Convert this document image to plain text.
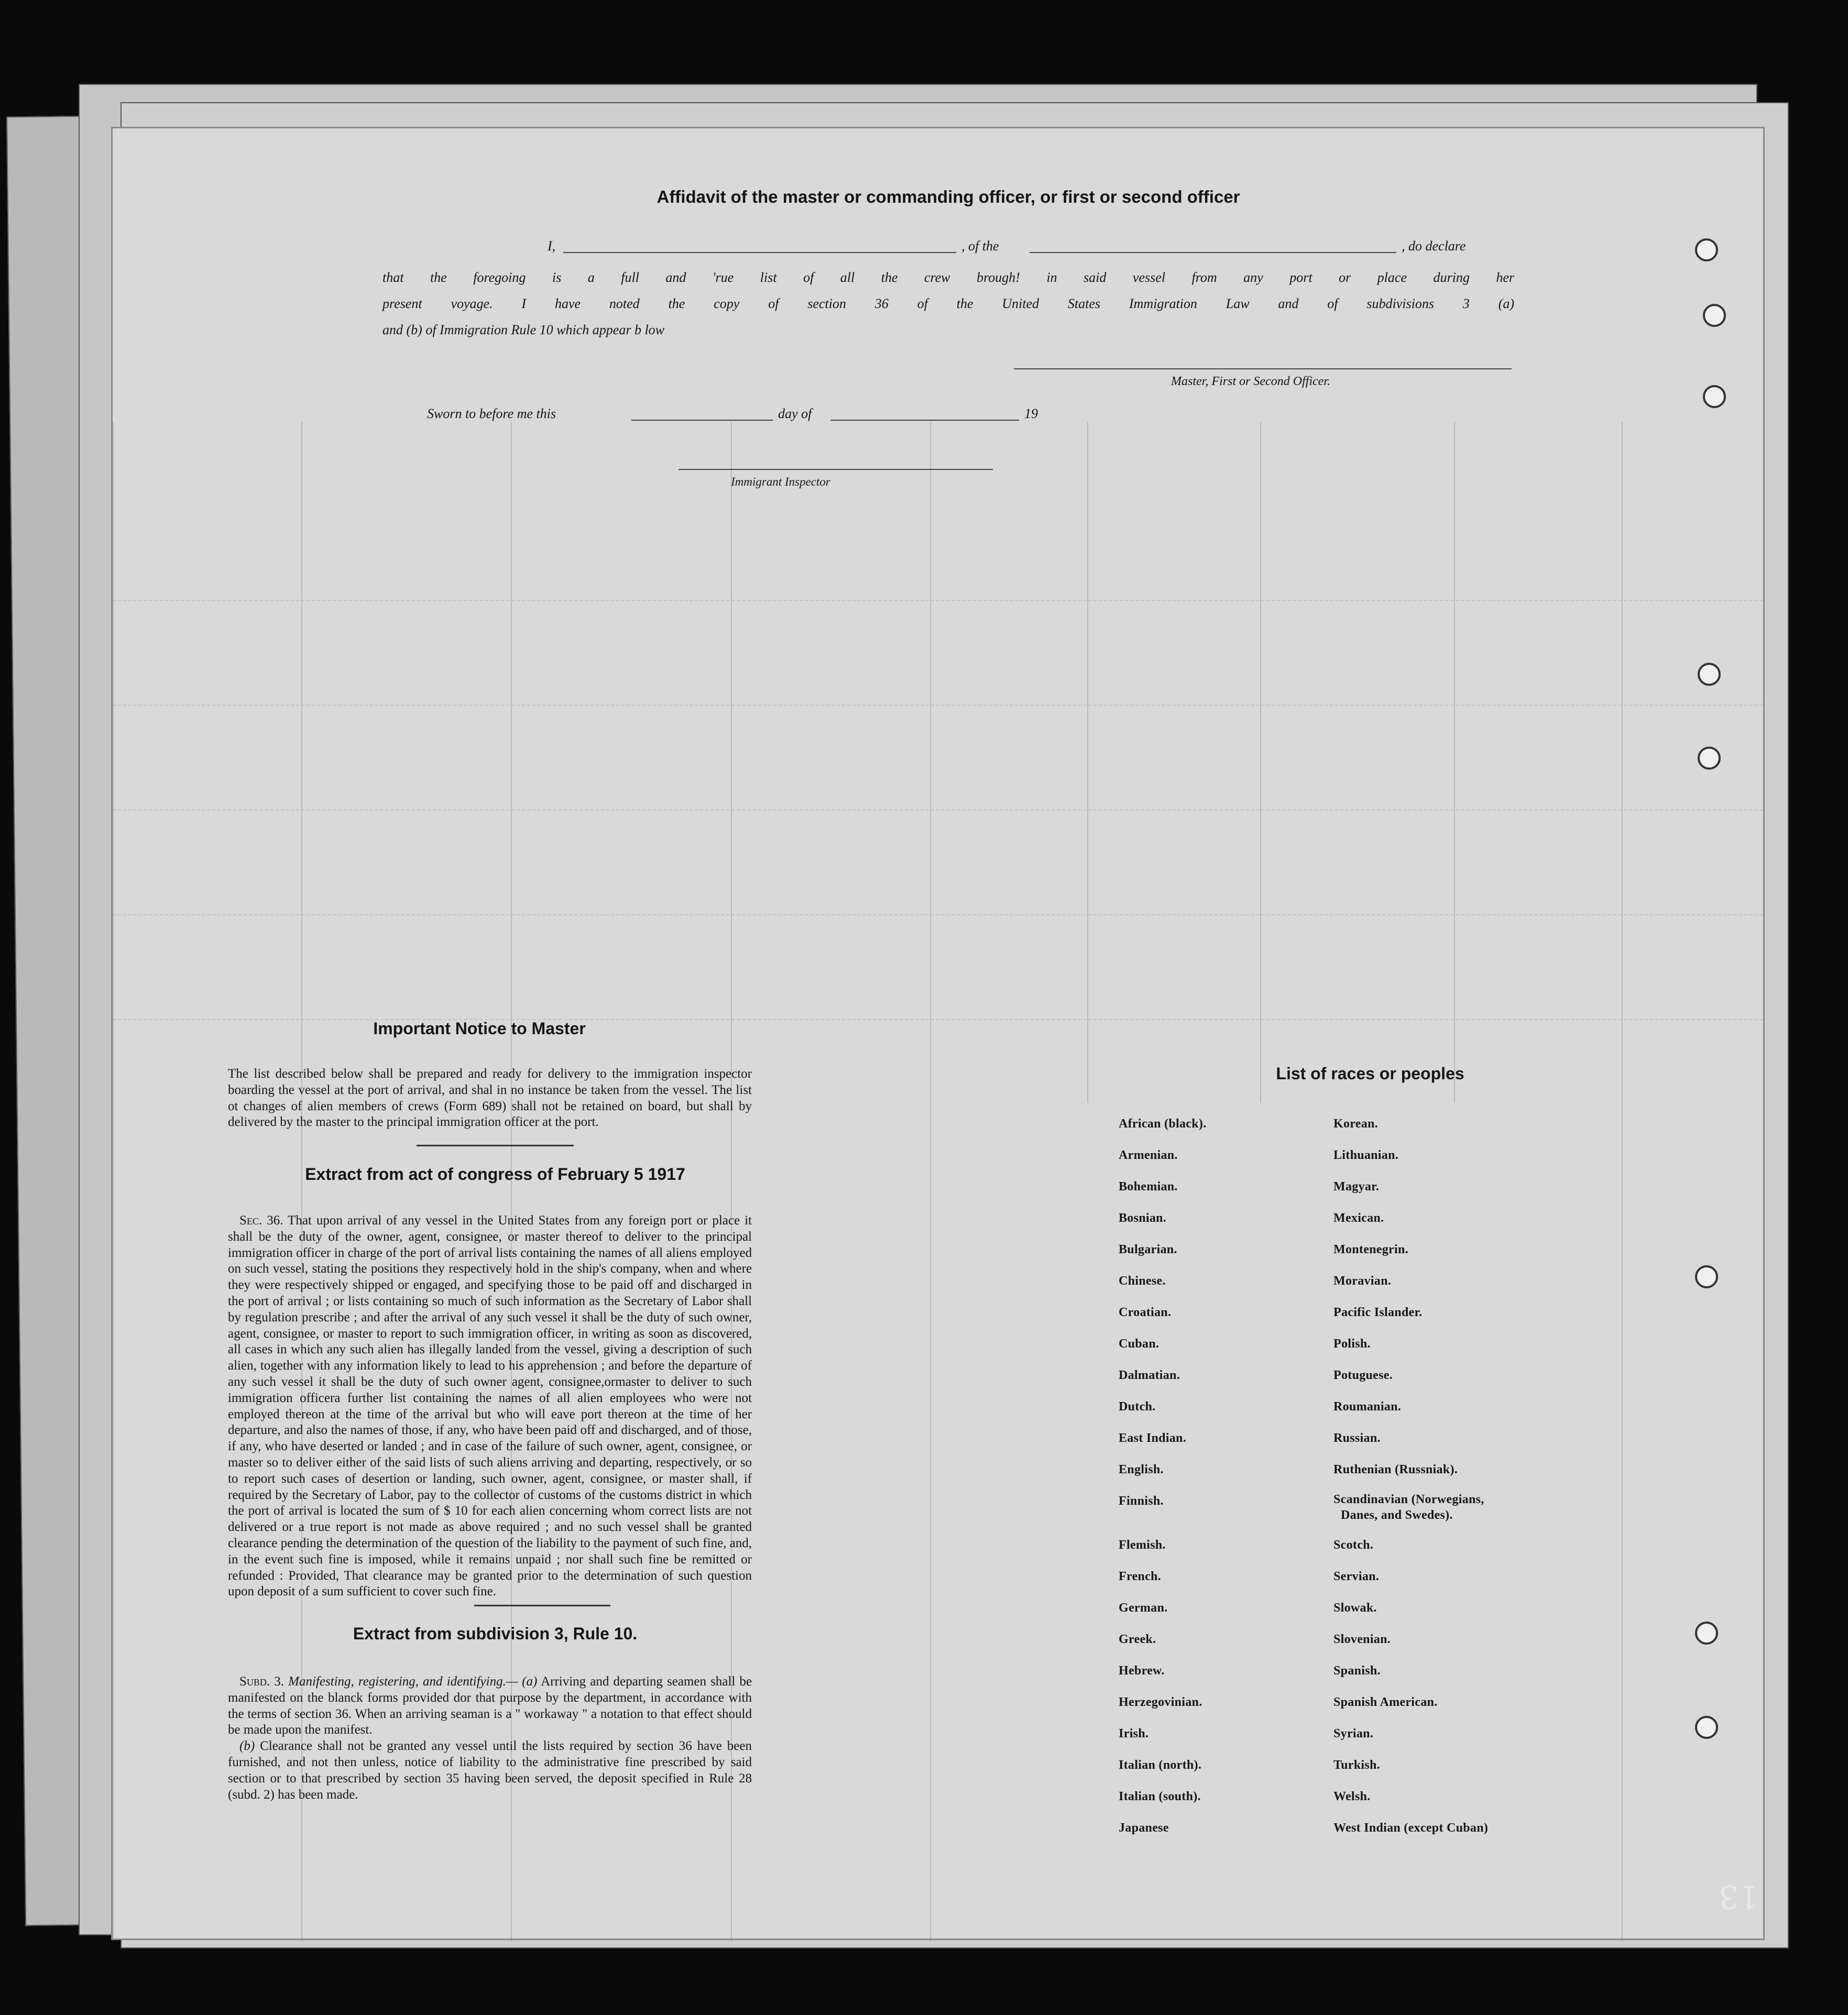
Affidavit of the master or commanding officer, or first or second officer
I,	, of the	, do declare
that the foregoing is a full and 'rue list of all the crew brough! in said vessel from any port or place during her
present voyage. I have noted the copy of section 36 of the United States Immigration Law and of subdivisions 3 (a)
and (b) of Immigration Rule 10 which appear b low
Master, First or Second Officer.
Sworn to before me this	day of	19
Immigrant Inspector
Important Notice to Master
The list described below shall be prepared and ready for delivery to the immigration inspector boarding the vessel at the port of arrival, and shal in no instance be taken from the vessel. The list ot changes of alien members of crews (Form 689) shall not be retained on board, but shall by delivered by the master to the principal immigration officer at the port.
Extract from act of congress of February 5 1917

Sec. 36. That upon arrival of any vessel in the United States from any foreign port or place it shall be the duty of the owner, agent, consignee, or master thereof to deliver to the principal immigration officer in charge of the port of arrival lists containing the names of all aliens employed on such vessel, stating the positions they respectively hold in the ship's company, when and where they were respectively shipped or engaged, and specifying those to be paid off and discharged in the port of arrival ; or lists containing so much of such information as the Secretary of Labor shall by regulation prescribe ; and after the arrival of any such vessel it shall be the duty of such owner, agent, consignee, or master to report to such immigration officer, in writing as soon as discovered, all cases in which any such alien has illegally landed from the vessel, giving a description of such alien, together with any information likely to lead to his apprehension ; and before the departure of any such vessel it shall be the duty of such owner agent, consignee,ormaster to deliver to such immigration officera further list containing the names of all alien employees who were not employed thereon at the time of the arrival but who will eave port thereon at the time of her departure, and also the names of those, if any, who have been paid off and discharged, and of those, if any, who have deserted or landed ; and in case of the failure of such owner, agent, consignee, or master so to deliver either of the said lists of such aliens arriving and departing, respectively, or so to report such cases of desertion or landing, such owner, agent, consignee, or master shall, if required by the Secretary of Labor, pay to the collector of customs of the customs district in which the port of arrival is located the sum of $ 10 for each alien concerning whom correct lists are not delivered or a true report is not made as above required ; and no such vessel shall be granted clearance pending the determination of the question of the liability to the payment of such fine, and, in the event such fine is imposed, while it remains unpaid ; nor shall such fine be remitted or refunded : Provided, That clearance may be granted prior to the determination of such question upon deposit of a sum sufficient to cover such fine.

Extract from subdivision 3, Rule 10.

Subd. 3. Manifesting, registering, and identifying.— (a) Arriving and departing seamen shall be manifested on the blanck forms provided dor that purpose by the department, in accordance with the terms of section 36. When an arriving seaman is a " workaway " a notation to that effect should be made upon the manifest.

(b) Clearance shall not be granted any vessel until the lists required by section 36 have been furnished, and not then unless, notice of liability to the administrative fine prescribed by said section or to that prescribed by section 35 having been served, the deposit specified in Rule 28 (subd. 2) has been made.

List of races or peoples
African (black).
Armenian.
Bohemian.
Bosnian.
Bulgarian.
Chinese.
Croatian.
Cuban.
Dalmatian.
Dutch.
East Indian.
English.
Finnish.
Flemish.
French.
German.
Greek.
Hebrew.
Herzegovinian.
Irish.
Italian (north).
Italian (south).
Japanese
Korean.
Lithuanian.
Magyar.
Mexican.
Montenegrin.
Moravian.
Pacific Islander.
Polish.
Potuguese.
Roumanian.
Russian.
Ruthenian (Russniak).
Scandinavian (Norwegians,
Danes, and Swedes).
Scotch.
Servian.
Slowak.
Slovenian.
Spanish.
Spanish American.
Syrian.
Turkish.
Welsh.
West Indian (except Cuban)
13
